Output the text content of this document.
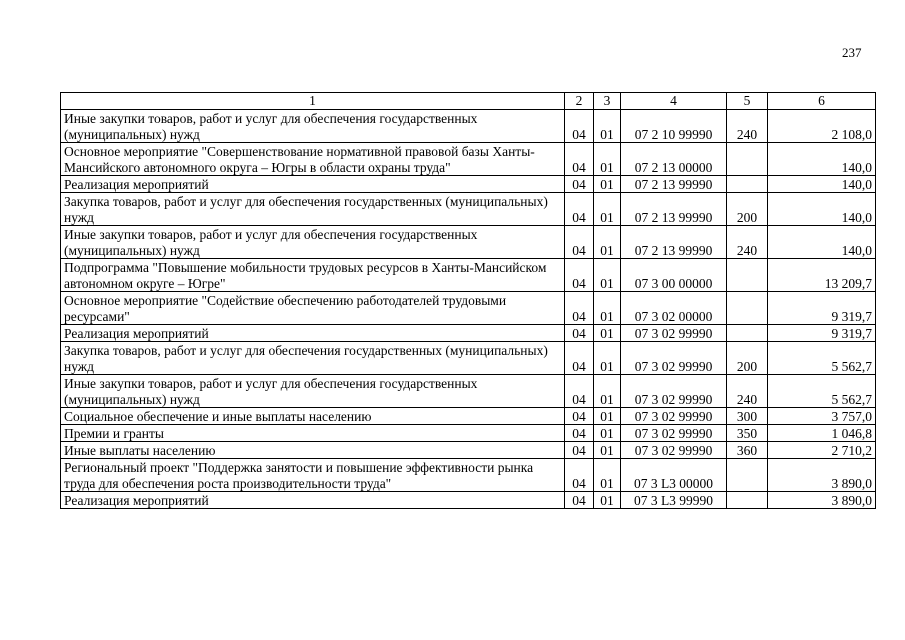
237
1	2	3	4	5	6
Иные закупки товаров, работ и услуг для обеспечения государственных (муниципальных) нужд	04	01	07 2 10 99990	240	2 108,0
Основное мероприятие "Совершенствование нормативной правовой базы Ханты-Мансийского автономного округа – Югры в области охраны труда"	04	01	07 2 13 00000		140,0
Реализация мероприятий	04	01	07 2 13 99990		140,0
Закупка товаров, работ и услуг для обеспечения государственных (муниципальных) нужд	04	01	07 2 13 99990	200	140,0
Иные закупки товаров, работ и услуг для обеспечения государственных (муниципальных) нужд	04	01	07 2 13 99990	240	140,0
Подпрограмма "Повышение мобильности трудовых ресурсов в Ханты-Мансийском автономном округе – Югре"	04	01	07 3 00 00000		13 209,7
Основное мероприятие "Содействие обеспечению работодателей трудовыми ресурсами"	04	01	07 3 02 00000		9 319,7
Реализация мероприятий	04	01	07 3 02 99990		9 319,7
Закупка товаров, работ и услуг для обеспечения государственных (муниципальных) нужд	04	01	07 3 02 99990	200	5 562,7
Иные закупки товаров, работ и услуг для обеспечения государственных (муниципальных) нужд	04	01	07 3 02 99990	240	5 562,7
Социальное обеспечение и иные выплаты населению	04	01	07 3 02 99990	300	3 757,0
Премии и гранты	04	01	07 3 02 99990	350	1 046,8
Иные выплаты населению	04	01	07 3 02 99990	360	2 710,2
Региональный проект "Поддержка занятости и повышение эффективности рынка труда для обеспечения роста производительности труда"	04	01	07 3 L3 00000		3 890,0
Реализация мероприятий	04	01	07 3 L3 99990		3 890,0
